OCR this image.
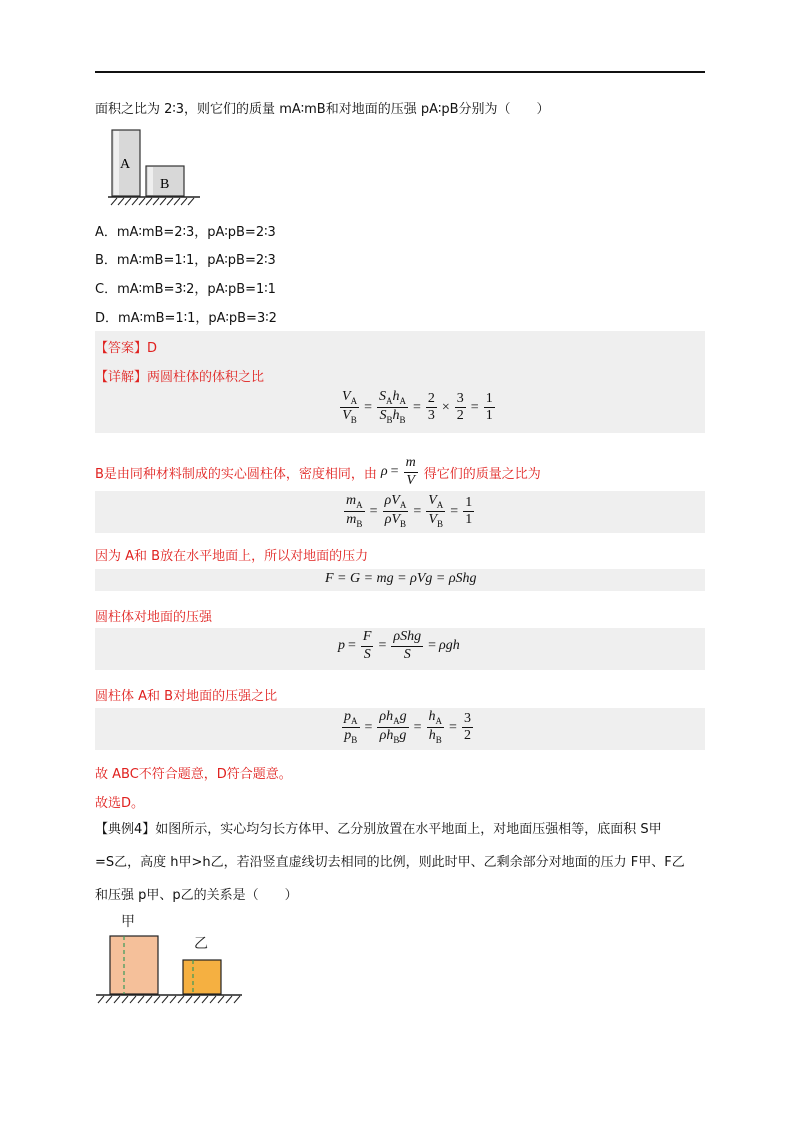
面积之比为 2∶3，则它们的质量 mA∶mB和对地面的压强 pA∶pB分别为（　　）
A
B
A．mA∶mB=2∶3，pA∶pB=2∶3
B．mA∶mB=1∶1，pA∶pB=2∶3
C．mA∶mB=3∶2，pA∶pB=1∶1
D．mA∶mB=1∶1，pA∶pB=3∶2
【答案】D
【详解】两圆柱体的体积之比
$\frac{V_A}{V_B} = \frac{S_Ah_A}{S_Bh_B} = \frac{2}{3} \times \frac{3}{2} = \frac{1}{1}$
B是由同种材料制成的实心圆柱体，密度相同，由 $\rho = \frac{m}{V}$ 得它们的质量之比为
$\frac{m_A}{m_B} = \frac{\rho V_A}{\rho V_B} = \frac{V_A}{V_B} = \frac{1}{1}$
因为 A和 B放在水平地面上，所以对地面的压力
F = G = mg = ρVg = ρShg
圆柱体对地面的压强
$p = \frac{F}{S} = \frac{\text{ρShg}}{S} = \rho gh$
圆柱体 A和 B对地面的压强之比
$\frac{p_A}{p_B} = \frac{\rho h_Ag}{\rho h_Bg} = \frac{h_A}{h_B} = \frac{3}{2}$
故 ABC不符合题意，D符合题意。
故选D。
【典例4】如图所示，实心均匀长方体甲、乙分别放置在水平地面上，对地面压强相等，底面积 S甲
=S乙，高度 h甲>h乙，若沿竖直虚线切去相同的比例，则此时甲、乙剩余部分对地面的压力 F甲、F乙
和压强 p甲、p乙的关系是（　　）
甲
乙
